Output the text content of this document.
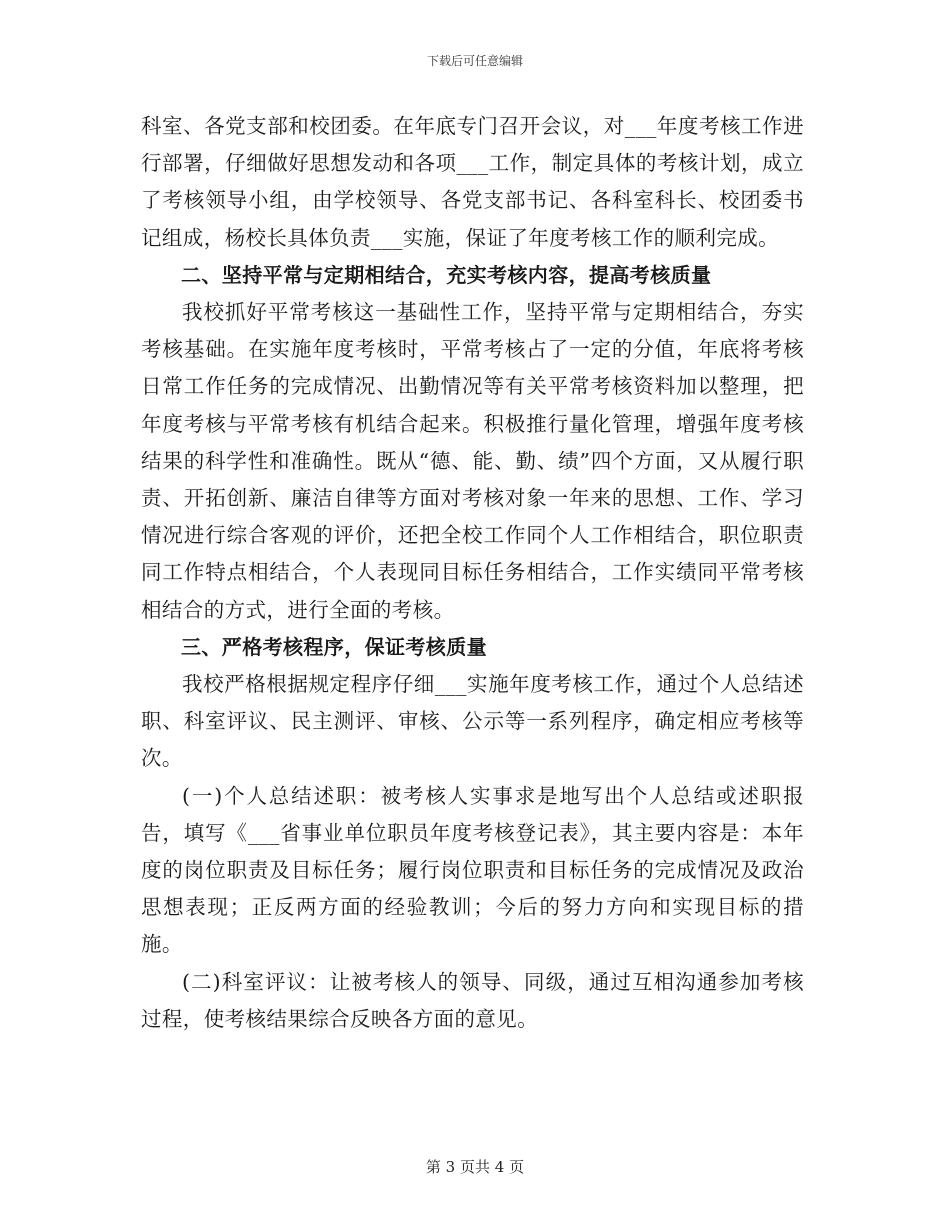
下载后可任意编辑

科室、各党支部和校团委。在年底专门召开会议，对___年度考核工作进行部署，仔细做好思想发动和各项___工作，制定具体的考核计划，成立了考核领导小组，由学校领导、各党支部书记、各科室科长、校团委书记组成，杨校长具体负责___实施，保证了年度考核工作的顺利完成。

二、坚持平常与定期相结合，充实考核内容，提高考核质量

我校抓好平常考核这一基础性工作，坚持平常与定期相结合，夯实考核基础。在实施年度考核时，平常考核占了一定的分值，年底将考核日常工作任务的完成情况、出勤情况等有关平常考核资料加以整理，把年度考核与平常考核有机结合起来。积极推行量化管理，增强年度考核结果的科学性和准确性。既从“德、能、勤、绩”四个方面，又从履行职责、开拓创新、廉洁自律等方面对考核对象一年来的思想、工作、学习情况进行综合客观的评价，还把全校工作同个人工作相结合，职位职责同工作特点相结合，个人表现同目标任务相结合，工作实绩同平常考核相结合的方式，进行全面的考核。

三、严格考核程序，保证考核质量

我校严格根据规定程序仔细___实施年度考核工作，通过个人总结述职、科室评议、民主测评、审核、公示等一系列程序，确定相应考核等次。

(一)个人总结述职：被考核人实事求是地写出个人总结或述职报告，填写《___省事业单位职员年度考核登记表》，其主要内容是：本年度的岗位职责及目标任务；履行岗位职责和目标任务的完成情况及政治思想表现；正反两方面的经验教训；今后的努力方向和实现目标的措施。

(二)科室评议：让被考核人的领导、同级，通过互相沟通参加考核过程，使考核结果综合反映各方面的意见。

第 3 页共 4 页
